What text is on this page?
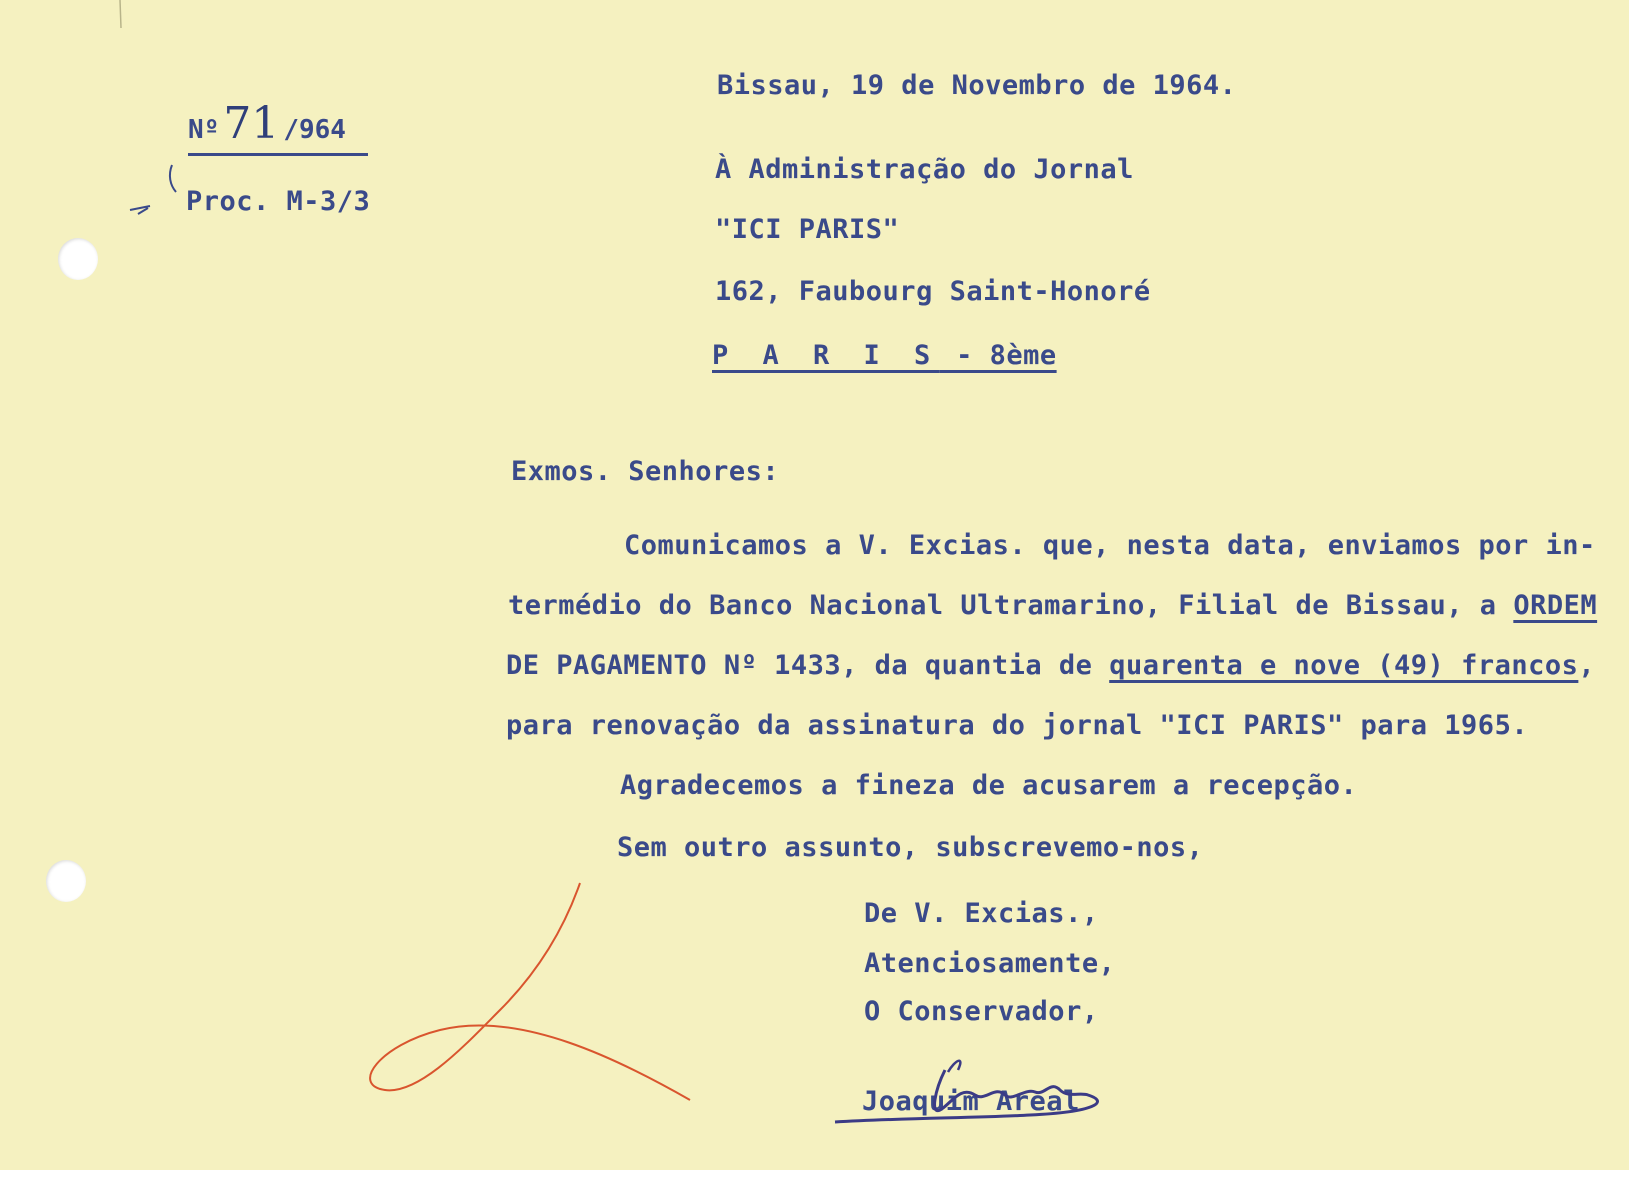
Nº71 /964
Proc. M-3/3
Bissau, 19 de Novembro de 1964.
À Administração do Jornal
"ICI PARIS"
162, Faubourg Saint-Honoré
P A R I S - 8ème
Exmos. Senhores:
Comunicamos a V. Excias. que, nesta data, enviamos por in-
termédio do Banco Nacional Ultramarino, Filial de Bissau, a ORDEM
DE PAGAMENTO Nº 1433, da quantia de quarenta e nove (49) francos,
para renovação da assinatura do jornal "ICI PARIS" para 1965.
Agradecemos a fineza de acusarem a recepção.
Sem outro assunto, subscrevemo-nos,
De V. Excias.,
Atenciosamente,
O Conservador,
Joaquim Areal
